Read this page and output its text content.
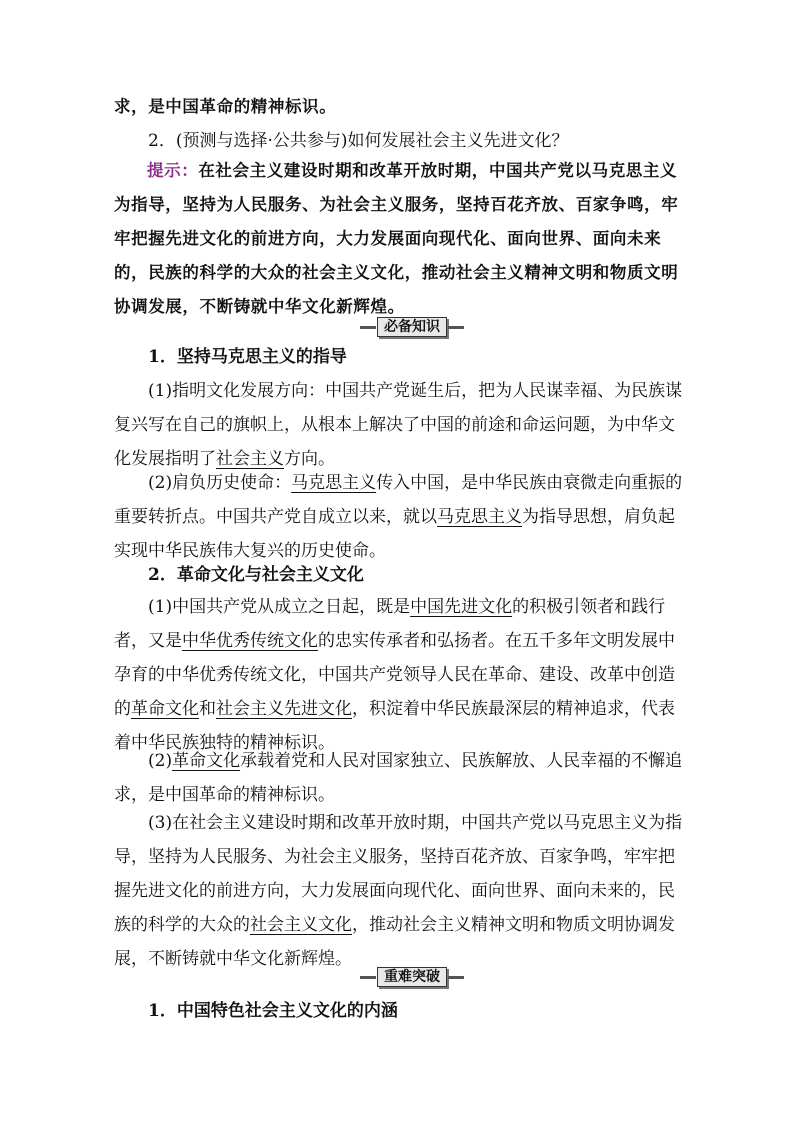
求，是中国革命的精神标识。

2．(预测与选择·公共参与)如何发展社会主义先进文化？

提示：在社会主义建设时期和改革开放时期，中国共产党以马克思主义为指导，坚持为人民服务、为社会主义服务，坚持百花齐放、百家争鸣，牢牢把握先进文化的前进方向，大力发展面向现代化、面向世界、面向未来的，民族的科学的大众的社会主义文化，推动社会主义精神文明和物质文明协调发展，不断铸就中华文化新辉煌。

必备知识

1．坚持马克思主义的指导

(1)指明文化发展方向：中国共产党诞生后，把为人民谋幸福、为民族谋复兴写在自己的旗帜上，从根本上解决了中国的前途和命运问题，为中华文化发展指明了社会主义方向。

(2)肩负历史使命：马克思主义传入中国，是中华民族由衰微走向重振的重要转折点。中国共产党自成立以来，就以马克思主义为指导思想，肩负起实现中华民族伟大复兴的历史使命。

2．革命文化与社会主义文化

(1)中国共产党从成立之日起，既是中国先进文化的积极引领者和践行者，又是中华优秀传统文化的忠实传承者和弘扬者。在五千多年文明发展中孕育的中华优秀传统文化，中国共产党领导人民在革命、建设、改革中创造的革命文化和社会主义先进文化，积淀着中华民族最深层的精神追求，代表着中华民族独特的精神标识。

(2)革命文化承载着党和人民对国家独立、民族解放、人民幸福的不懈追求，是中国革命的精神标识。

(3)在社会主义建设时期和改革开放时期，中国共产党以马克思主义为指导，坚持为人民服务、为社会主义服务，坚持百花齐放、百家争鸣，牢牢把握先进文化的前进方向，大力发展面向现代化、面向世界、面向未来的，民族的科学的大众的社会主义文化，推动社会主义精神文明和物质文明协调发展，不断铸就中华文化新辉煌。

重难突破

1．中国特色社会主义文化的内涵
